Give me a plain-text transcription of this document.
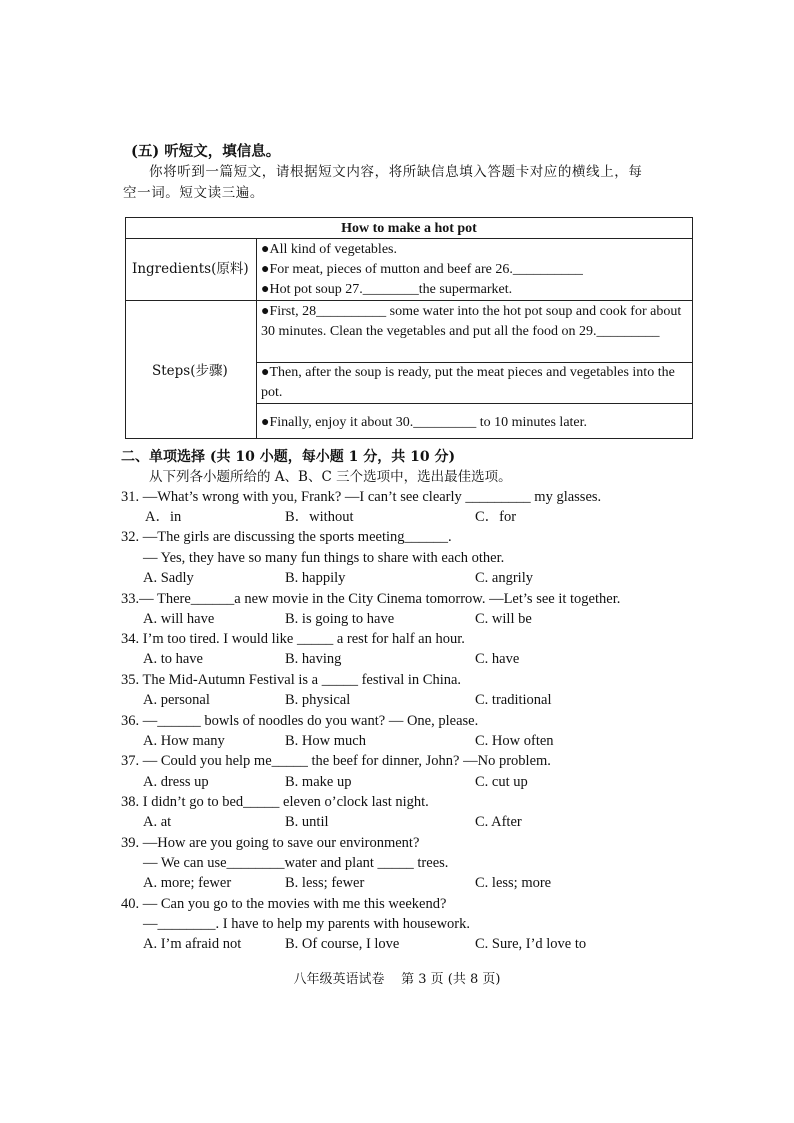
(五) 听短文，填信息。
你将听到一篇短文，请根据短文内容，将所缺信息填入答题卡对应的横线上，每
空一词。短文读三遍。
How to make a hot pot
Ingredients(原料)
●All kind of vegetables.
●For meat, pieces of mutton and beef are 26.__________
●Hot pot soup 27.________the supermarket.
Steps(步骤)
●First, 28__________ some water into the hot pot soup and cook for about 30 minutes. Clean the vegetables and put all the food on 29._________
●Then, after the soup is ready, put the meat pieces and vegetables into the pot.
●Finally, enjoy it about 30._________ to 10 minutes later.
二、单项选择 (共 10 小题，每小题 1 分，共 10 分)
从下列各小题所给的 A、B、C 三个选项中，选出最佳选项。
31. —What’s wrong with you, Frank? —I can’t see clearly _________ my glasses.
A．in	B．without	C．for
32. —The girls are discussing the sports meeting______.
— Yes, they have so many fun things to share with each other.
A. Sadly	B. happily	C. angrily
33.— There______a new movie in the City Cinema tomorrow. —Let’s see it together.
A. will have	B. is going to have	C. will be
34. I’m too tired. I would like _____ a rest for half an hour.
A. to have	B. having	C. have
35. The Mid-Autumn Festival is a _____ festival in China.
A. personal	B. physical	C. traditional
36. —______ bowls of noodles do you want? — One, please.
A. How many	B. How much	C. How often
37. — Could you help me_____ the beef for dinner, John? —No problem.
A. dress up	B. make up	C. cut up
38. I didn’t go to bed_____ eleven o’clock last night.
A. at	B. until	C. After
39. —How are you going to save our environment?
— We can use________water and plant _____ trees.
A. more; fewer	B. less; fewer	C. less; more
40. — Can you go to the movies with me this weekend?
—________. I have to help my parents with housework.
A. I’m afraid not	B. Of course, I love	C. Sure, I’d love to
八年级英语试卷    第 3 页 (共 8 页)
